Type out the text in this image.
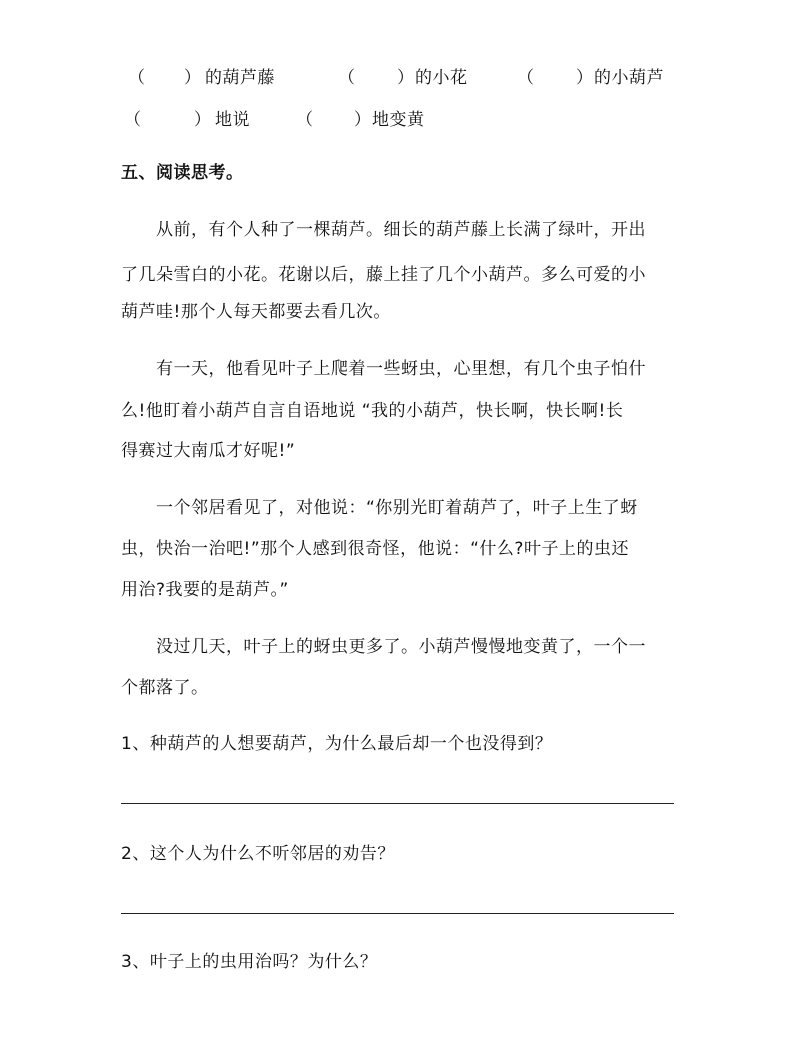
（ ） 的葫芦藤	（ ） 的小花	（ ） 的小葫芦
（	） 地说	（ ） 地变黄
五、阅读思考。
从前，有个人种了一棵葫芦。细长的葫芦藤上长满了绿叶，开出
了几朵雪白的小花。花谢以后，藤上挂了几个小葫芦。多么可爱的小
葫芦哇!那个人每天都要去看几次。
有一天，他看见叶子上爬着一些蚜虫，心里想，有几个虫子怕什
么!他盯着小葫芦自言自语地说 “我的小葫芦，快长啊，快长啊!长
得赛过大南瓜才好呢!”
一个邻居看见了，对他说：“你别光盯着葫芦了，叶子上生了蚜
虫，快治一治吧!”那个人感到很奇怪，他说：“什么?叶子上的虫还
用治?我要的是葫芦。”
没过几天，叶子上的蚜虫更多了。小葫芦慢慢地变黄了，一个一
个都落了。
1、种葫芦的人想要葫芦，为什么最后却一个也没得到？
2、这个人为什么不听邻居的劝告？
3、叶子上的虫用治吗？为什么？
